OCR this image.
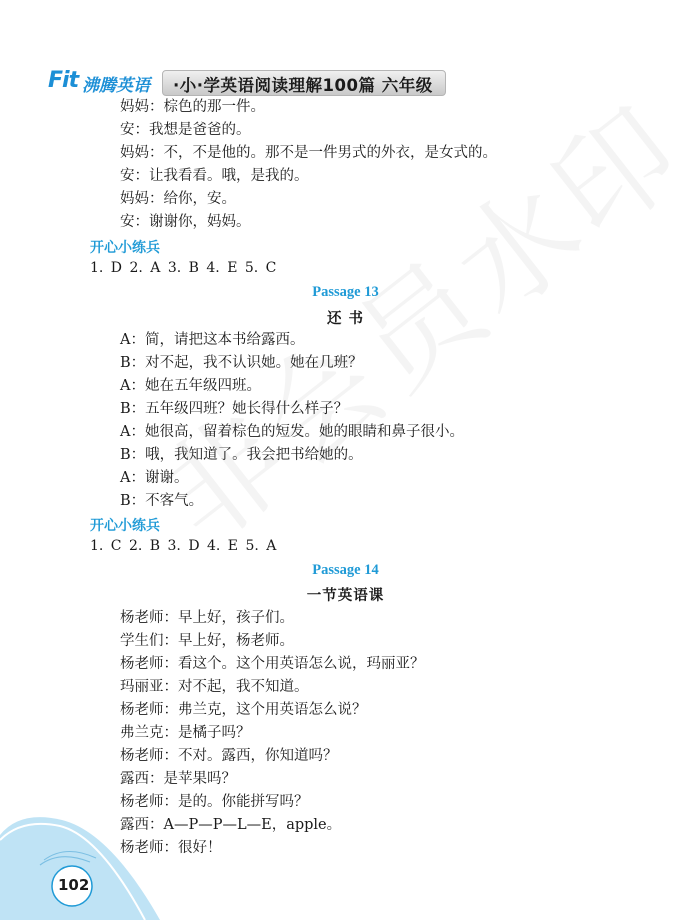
Fit 沸腾英语 ·小·学英语阅读理解100篇 六年级
妈妈：棕色的那一件。
安：我想是爸爸的。
妈妈：不，不是他的。那不是一件男式的外衣，是女式的。
安：让我看看。哦，是我的。
妈妈：给你，安。
安：谢谢你，妈妈。
开心小练兵
1. D 2. A 3. B 4. E 5. C
Passage 13
还 书
A：简，请把这本书给露西。
B：对不起，我不认识她。她在几班？
A：她在五年级四班。
B：五年级四班？她长得什么样子？
A：她很高，留着棕色的短发。她的眼睛和鼻子很小。
B：哦，我知道了。我会把书给她的。
A：谢谢。
B：不客气。
开心小练兵
1. C 2. B 3. D 4. E 5. A
Passage 14
一节英语课
杨老师：早上好，孩子们。
学生们：早上好，杨老师。
杨老师：看这个。这个用英语怎么说，玛丽亚？
玛丽亚：对不起，我不知道。
杨老师：弗兰克，这个用英语怎么说？
弗兰克：是橘子吗？
杨老师：不对。露西，你知道吗？
露西：是苹果吗？
杨老师：是的。你能拼写吗？
露西：A—P—P—L—E，apple。
杨老师：很好！
102
